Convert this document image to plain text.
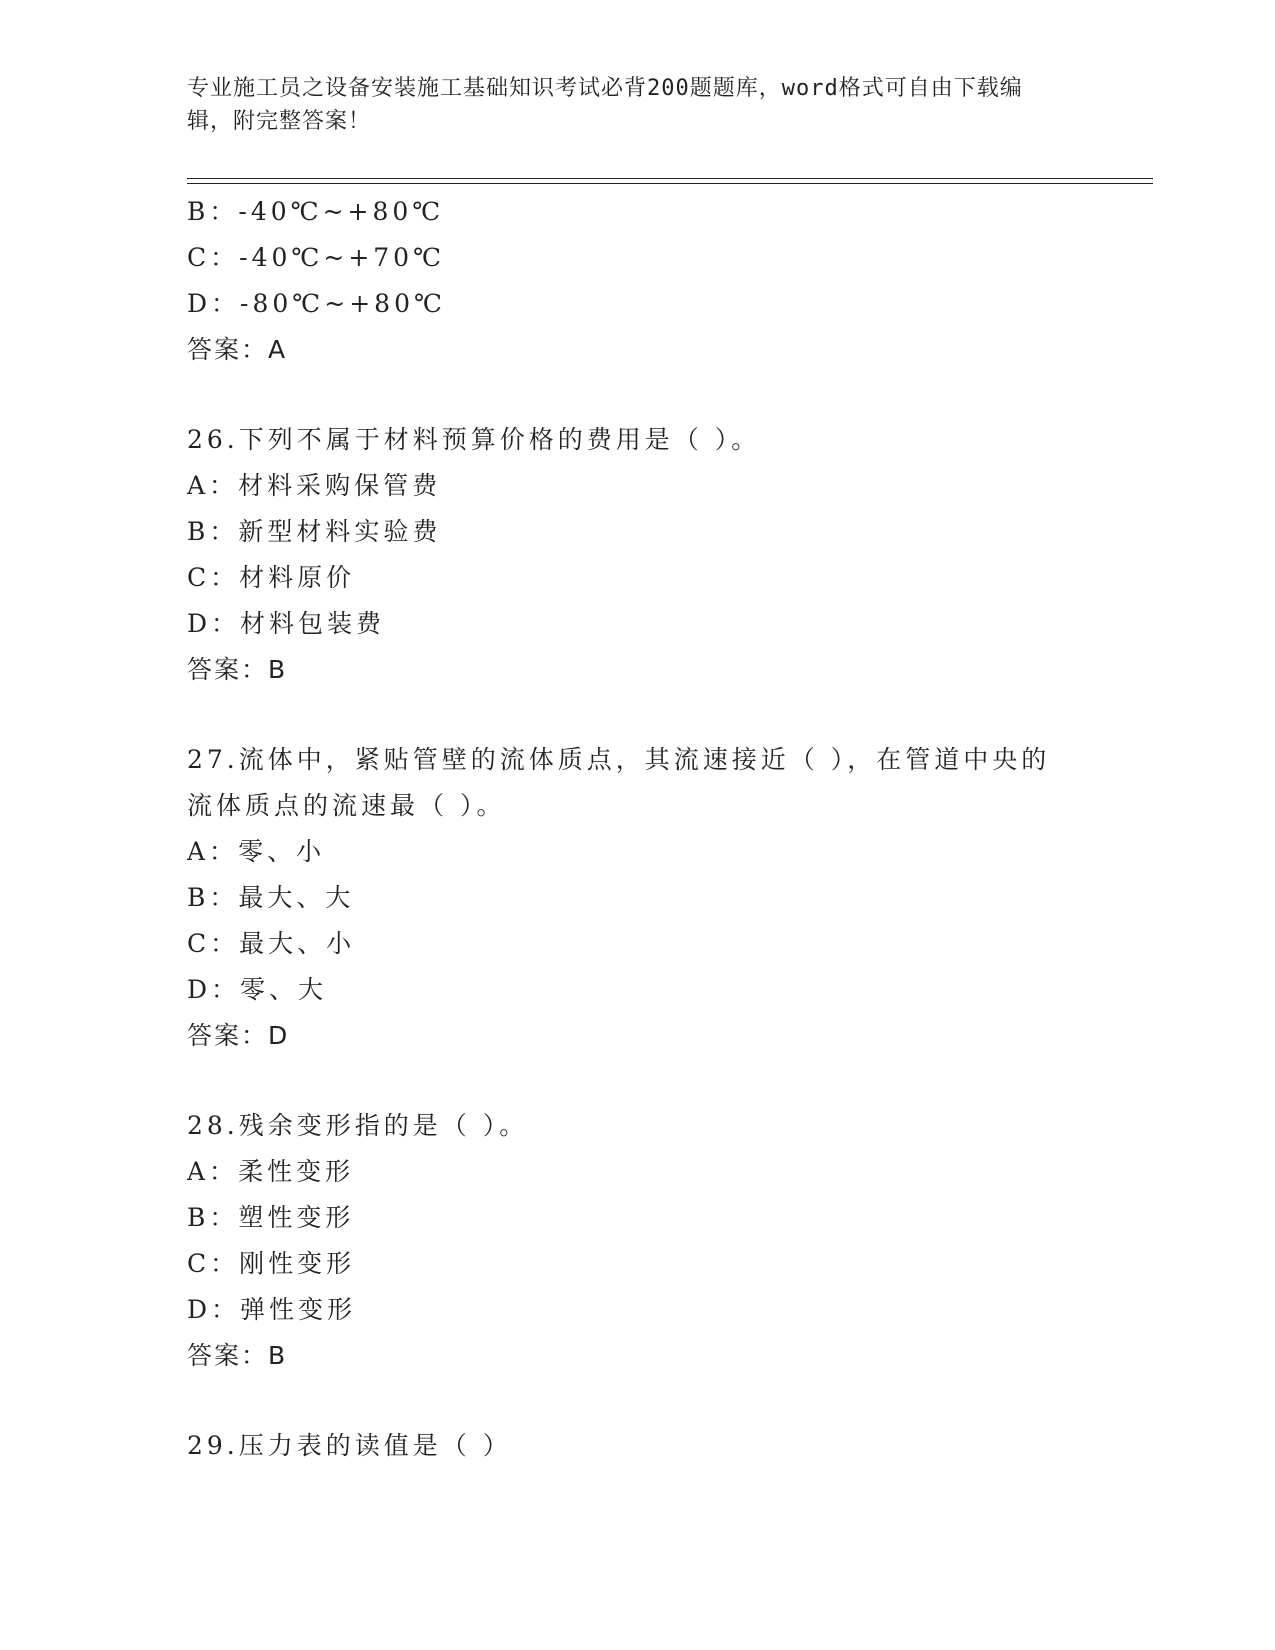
专业施工员之设备安装施工基础知识考试必背200题题库，word格式可自由下载编辑，附完整答案！
B：-40℃~+80℃
C：-40℃~+70℃
D：-80℃~+80℃
答案：A
26.下列不属于材料预算价格的费用是（ ）。
A：材料采购保管费
B：新型材料实验费
C：材料原价
D：材料包装费
答案：B
27.流体中，紧贴管壁的流体质点，其流速接近（ ），在管道中央的流体质点的流速最（ ）。
A：零、小
B：最大、大
C：最大、小
D：零、大
答案：D
28.残余变形指的是（ ）。
A：柔性变形
B：塑性变形
C：刚性变形
D：弹性变形
答案：B
29.压力表的读值是（ ）
